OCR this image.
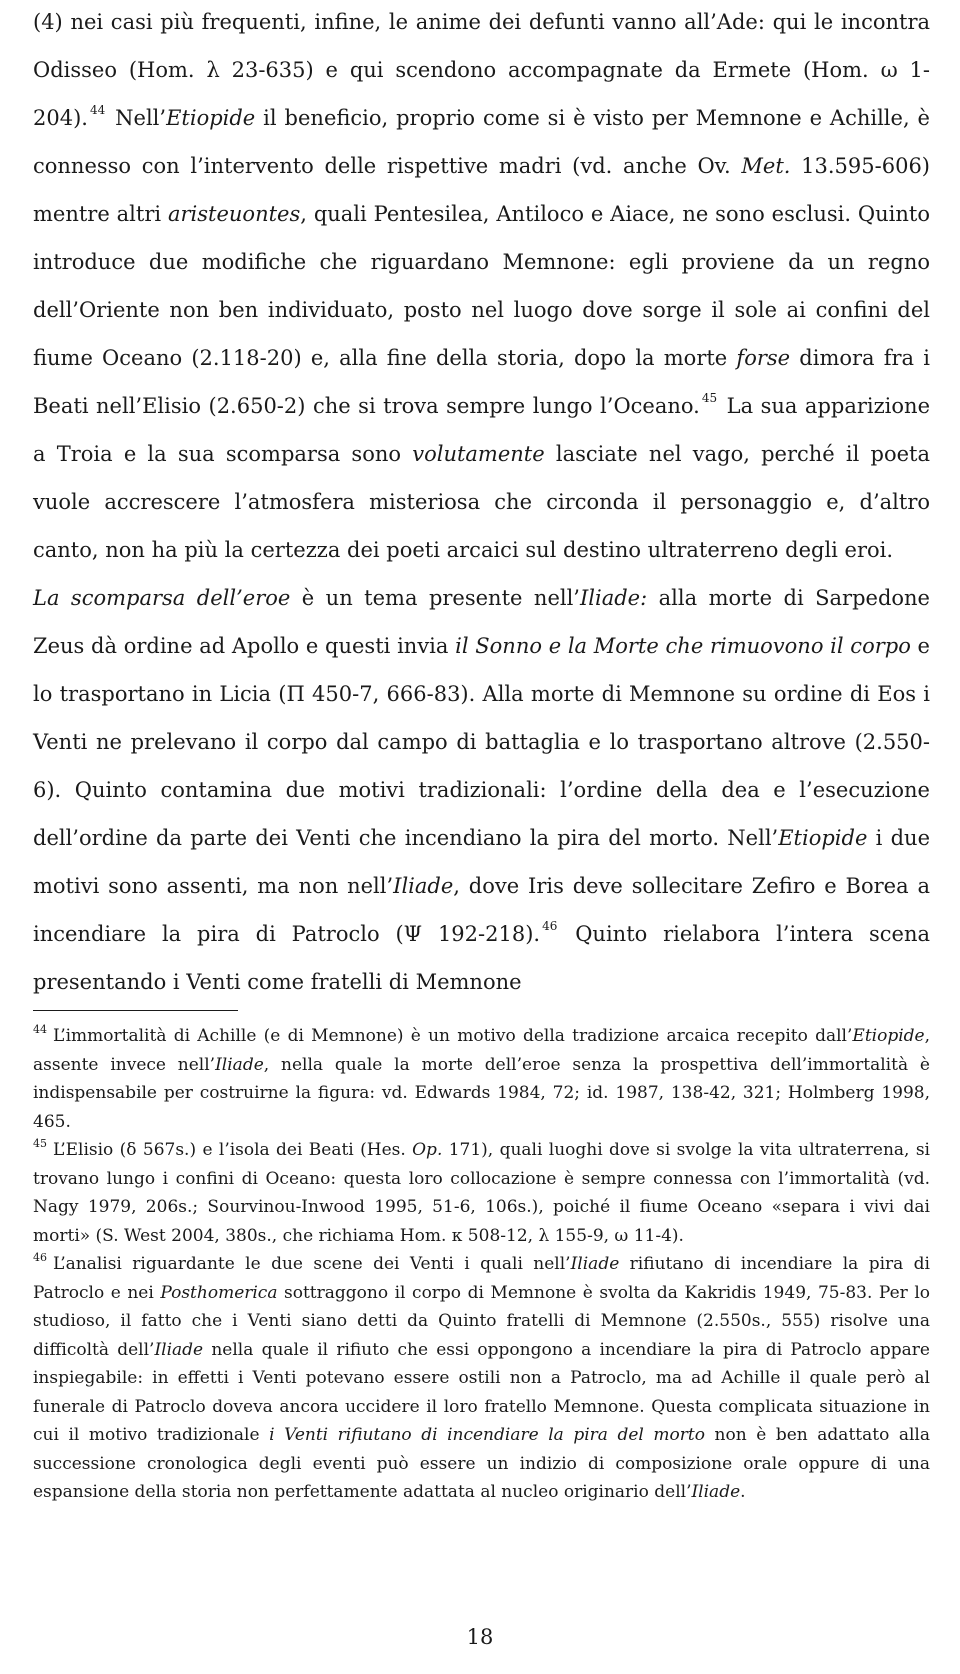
(4) nei casi più frequenti, infine, le anime dei defunti vanno all’Ade: qui le incontra Odisseo (Hom. λ 23-635) e qui scendono accompagnate da Ermete (Hom. ω 1-204). $^{44}$ Nell’Etiopide il beneficio, proprio come si è visto per Memnone e Achille, è connesso con l’intervento delle rispettive madri (vd. anche Ov. Met. 13.595-606) mentre altri aristeuontes, quali Pentesilea, Antiloco e Aiace, ne sono esclusi. Quinto introduce due modifiche che riguardano Memnone: egli proviene da un regno dell’Oriente non ben individuato, posto nel luogo dove sorge il sole ai confini del fiume Oceano (2.118-20) e, alla fine della storia, dopo la morte forse dimora fra i Beati nell’Elisio (2.650-2) che si trova sempre lungo l’Oceano. $^{45}$ La sua apparizione a Troia e la sua scomparsa sono volutamente lasciate nel vago, perché il poeta vuole accrescere l’atmosfera misteriosa che circonda il personaggio e, d’altro canto, non ha più la certezza dei poeti arcaici sul destino ultraterreno degli eroi.

La scomparsa dell’eroe è un tema presente nell’Iliade: alla morte di Sarpedone Zeus dà ordine ad Apollo e questi invia il Sonno e la Morte che rimuovono il corpo e lo trasportano in Licia (Π 450-7, 666-83). Alla morte di Memnone su ordine di Eos i Venti ne prelevano il corpo dal campo di battaglia e lo trasportano altrove (2.550-6). Quinto contamina due motivi tradizionali: l’ordine della dea e l’esecuzione dell’ordine da parte dei Venti che incendiano la pira del morto. Nell’Etiopide i due motivi sono assenti, ma non nell’Iliade, dove Iris deve sollecitare Zefiro e Borea a incendiare la pira di Patroclo (Ψ 192-218). $^{46}$ Quinto rielabora l’intera scena presentando i Venti come fratelli di Memnone

$^{44}$ L’immortalità di Achille (e di Memnone) è un motivo della tradizione arcaica recepito dall’Etiopide, assente invece nell’Iliade, nella quale la morte dell’eroe senza la prospettiva dell’immortalità è indispensabile per costruirne la figura: vd. Edwards 1984, 72; id. 1987, 138-42, 321; Holmberg 1998, 465.

$^{45}$ L’Elisio (δ 567s.) e l’isola dei Beati (Hes. Op. 171), quali luoghi dove si svolge la vita ultraterrena, si trovano lungo i confini di Oceano: questa loro collocazione è sempre connessa con l’immortalità (vd. Nagy 1979, 206s.; Sourvinou-Inwood 1995, 51-6, 106s.), poiché il fiume Oceano «separa i vivi dai morti» (S. West 2004, 380s., che richiama Hom. κ 508-12, λ 155-9, ω 11-4).

$^{46}$ L’analisi riguardante le due scene dei Venti i quali nell’Iliade rifiutano di incendiare la pira di Patroclo e nei Posthomerica sottraggono il corpo di Memnone è svolta da Kakridis 1949, 75-83. Per lo studioso, il fatto che i Venti siano detti da Quinto fratelli di Memnone (2.550s., 555) risolve una difficoltà dell’Iliade nella quale il rifiuto che essi oppongono a incendiare la pira di Patroclo appare inspiegabile: in effetti i Venti potevano essere ostili non a Patroclo, ma ad Achille il quale però al funerale di Patroclo doveva ancora uccidere il loro fratello Memnone. Questa complicata situazione in cui il motivo tradizionale i Venti rifiutano di incendiare la pira del morto non è ben adattato alla successione cronologica degli eventi può essere un indizio di composizione orale oppure di una espansione della storia non perfettamente adattata al nucleo originario dell’Iliade.

18
